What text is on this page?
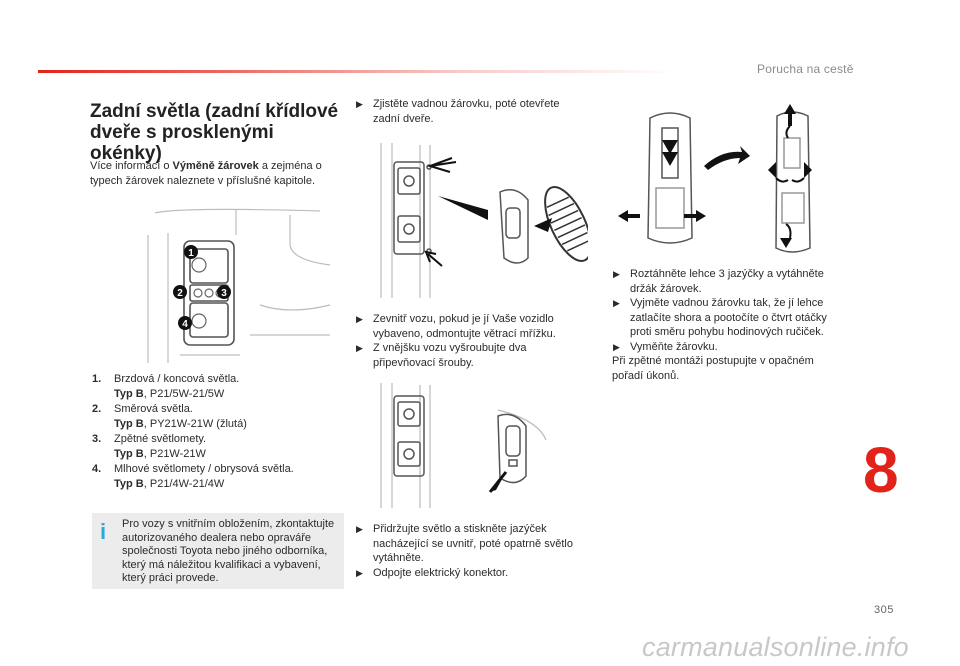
Porucha na cestě
Zadní světla (zadní křídlové dveře s prosklenými okénky)
Více informací o Výměně žárovek a zejména o typech žárovek naleznete v příslušné kapitole.
1
2	3
4
1. Brzdová / koncová světla.
Typ B, P21/5W-21/5W
2. Směrová světla.
Typ B, PY21W-21W (žlutá)
3. Zpětné světlomety.
Typ B, P21W-21W
4. Mlhové světlomety / obrysová světla.
Typ B, P21/4W-21/4W
i Pro vozy s vnitřním obložením, zkontaktujte autorizovaného dealera nebo opraváře společnosti Toyota nebo jiného odborníka, který má náležitou kvalifikaci a vybavení, který práci provede.
▶ Zjistěte vadnou žárovku, poté otevřete zadní dveře.
▶ Zevnitř vozu, pokud je jí Vaše vozidlo vybaveno, odmontujte větrací mřížku.
▶ Z vnějšku vozu vyšroubujte dva připevňovací šrouby.
▶ Přidržujte světlo a stiskněte jazýček nacházející se uvnitř, poté opatrně světlo vytáhněte.
▶ Odpojte elektrický konektor.
▶ Roztáhněte lehce 3 jazýčky a vytáhněte držák žárovek.
▶ Vyjměte vadnou žárovku tak, že jí lehce zatlačíte shora a pootočíte o čtvrt otáčky proti směru pohybu hodinových ručiček.
▶ Vyměňte žárovku.
Při zpětné montáži postupujte v opačném pořadí úkonů.
8
305
carmanualsonline.info
